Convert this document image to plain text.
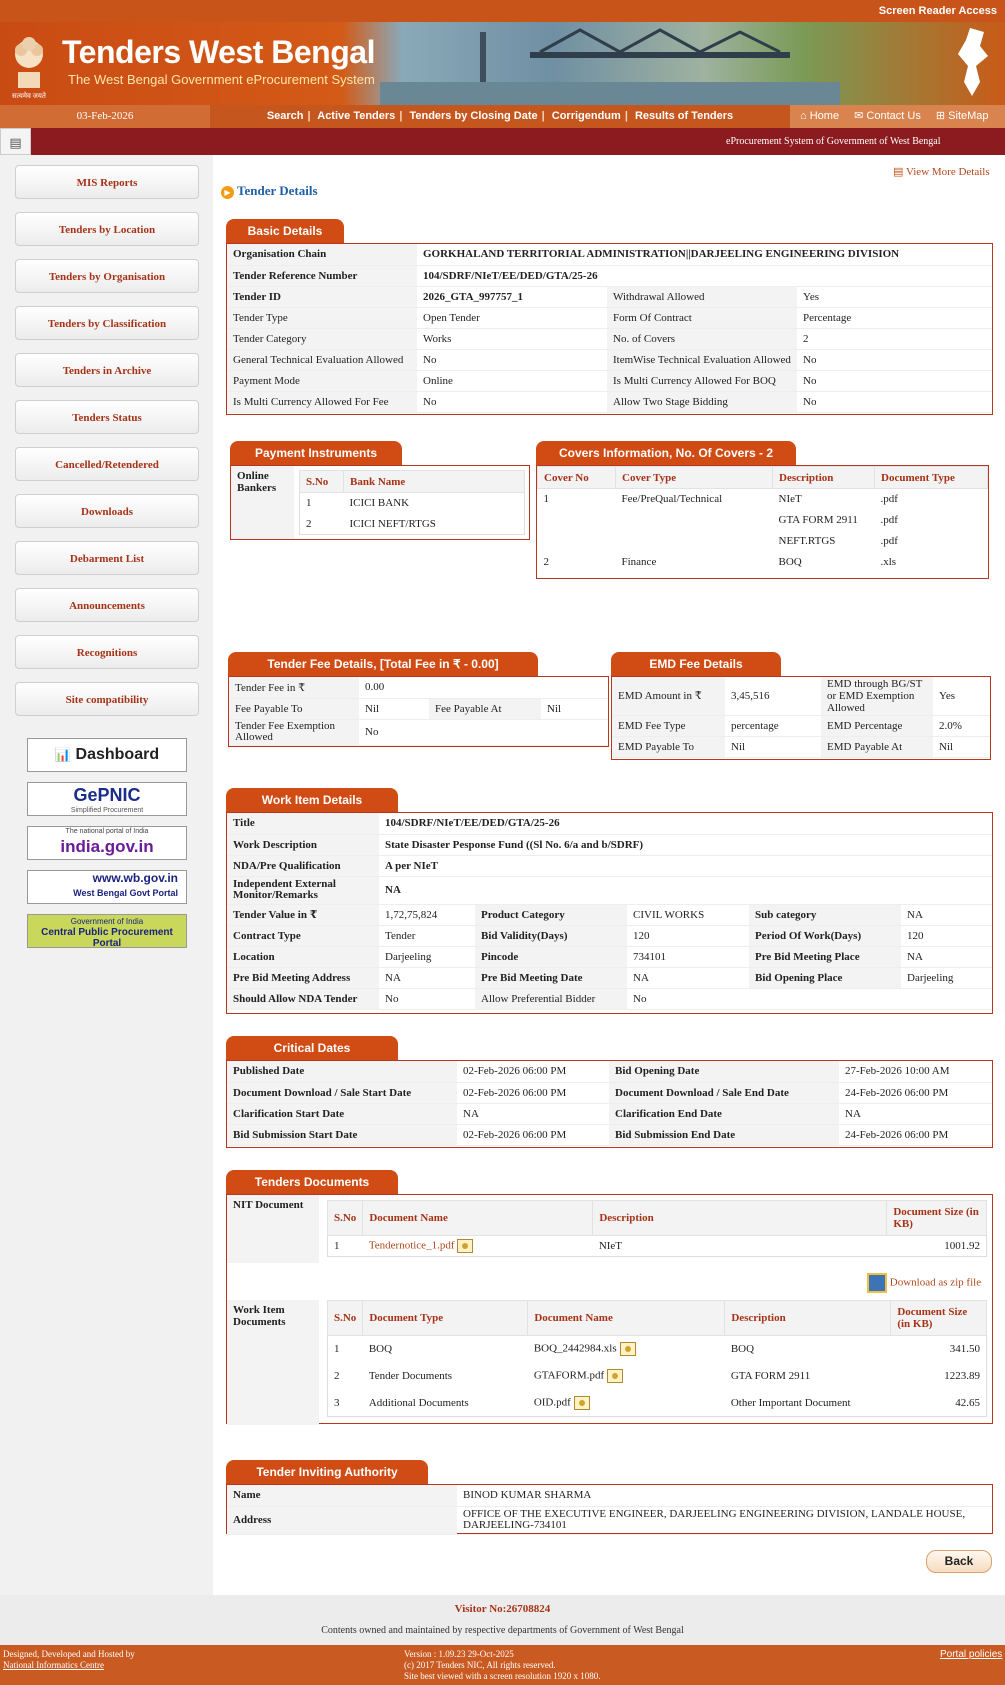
Screen Reader Access
सत्यमेव जयते
Tenders West Bengal
The West Bengal Government eProcurement System
03-Feb-2026	Search | Active Tenders | Tenders by Closing Date | Corrigendum | Results of Tenders	⌂ Home ✉ Contact Us ⊞ SiteMap
▤	eProcurement System of Government of West Bengal
MIS Reports
Tenders by Location
Tenders by Organisation
Tenders by Classification
Tenders in Archive
Tenders Status
Cancelled/Retendered
Downloads
Debarment List
Announcements
Recognitions
Site compatibility
📊 Dashboard
GePNIC
Simplified Procurement
The national portal of India
india.gov.in
www.wb.gov.in
West Bengal Govt Portal
Government of India
Central Public Procurement Portal
▤ View More Details
▶ Tender Details
Basic Details
Organisation Chain	GORKHALAND TERRITORIAL ADMINISTRATION||DARJEELING ENGINEERING DIVISION		
Tender Reference Number	104/SDRF/NIeT/EE/DED/GTA/25-26		
Tender ID	2026_GTA_997757_1	Withdrawal Allowed	Yes
Tender Type	Open Tender	Form Of Contract	Percentage
Tender Category	Works	No. of Covers	2
General Technical Evaluation Allowed	No	ItemWise Technical Evaluation Allowed	No
Payment Mode	Online	Is Multi Currency Allowed For BOQ	No
Is Multi Currency Allowed For Fee	No	Allow Two Stage Bidding	No
Payment Instruments
Online Bankers
S.No	Bank Name
1	ICICI BANK
2	ICICI NEFT/RTGS
Covers Information, No. Of Covers - 2
Cover No	Cover Type	Description	Document Type
1	Fee/PreQual/Technical	NIeT	.pdf
		GTA FORM 2911	.pdf
		NEFT.RTGS	.pdf
2	Finance	BOQ	.xls
Tender Fee Details, [Total Fee in ₹ - 0.00]
Tender Fee in ₹	0.00		
Fee Payable To	Nil	Fee Payable At	Nil
Tender Fee Exemption Allowed	No		
EMD Fee Details
EMD Amount in ₹	3,45,516	EMD through BG/ST or EMD Exemption Allowed	Yes
EMD Fee Type	percentage	EMD Percentage	2.0%
EMD Payable To	Nil	EMD Payable At	Nil
Work Item Details
Title	104/SDRF/NIeT/EE/DED/GTA/25-26				
Work Description	State Disaster Pesponse Fund ((Sl No. 6/a and b/SDRF)				
NDA/Pre Qualification	A per NIeT				
Independent External Monitor/Remarks	NA				
Tender Value in ₹	1,72,75,824	Product Category	CIVIL WORKS	Sub category	NA
Contract Type	Tender	Bid Validity(Days)	120	Period Of Work(Days)	120
Location	Darjeeling	Pincode	734101	Pre Bid Meeting Place	NA
Pre Bid Meeting Address	NA	Pre Bid Meeting Date	NA	Bid Opening Place	Darjeeling
Should Allow NDA Tender	No	Allow Preferential Bidder	No		
Critical Dates
Published Date	02-Feb-2026 06:00 PM	Bid Opening Date	27-Feb-2026 10:00 AM
Document Download / Sale Start Date	02-Feb-2026 06:00 PM	Document Download / Sale End Date	24-Feb-2026 06:00 PM
Clarification Start Date	NA	Clarification End Date	NA
Bid Submission Start Date	02-Feb-2026 06:00 PM	Bid Submission End Date	24-Feb-2026 06:00 PM
Tenders Documents
NIT Document
S.No	Document Name	Description	Document Size (in KB)
1	Tendernotice_1.pdf	NIeT	1001.92
Download as zip file
Work Item Documents	S.No	Document Type	Document Name	Description	Document Size (in KB)
1	BOQ	BOQ_2442984.xls	BOQ	341.50
2	Tender Documents	GTAFORM.pdf	GTA FORM 2911	1223.89
3	Additional Documents	OID.pdf	Other Important Document	42.65
Tender Inviting Authority
Name	BINOD KUMAR SHARMA
Address	OFFICE OF THE EXECUTIVE ENGINEER, DARJEELING ENGINEERING DIVISION, LANDALE HOUSE, DARJEELING-734101
Back
Visitor No:26708824
Contents owned and maintained by respective departments of Government of West Bengal
Designed, Developed and Hosted by
National Informatics Centre
Version : 1.09.23 29-Oct-2025
(c) 2017 Tenders NIC, All rights reserved.
Site best viewed with a screen resolution 1920 x 1080.
Portal policies
